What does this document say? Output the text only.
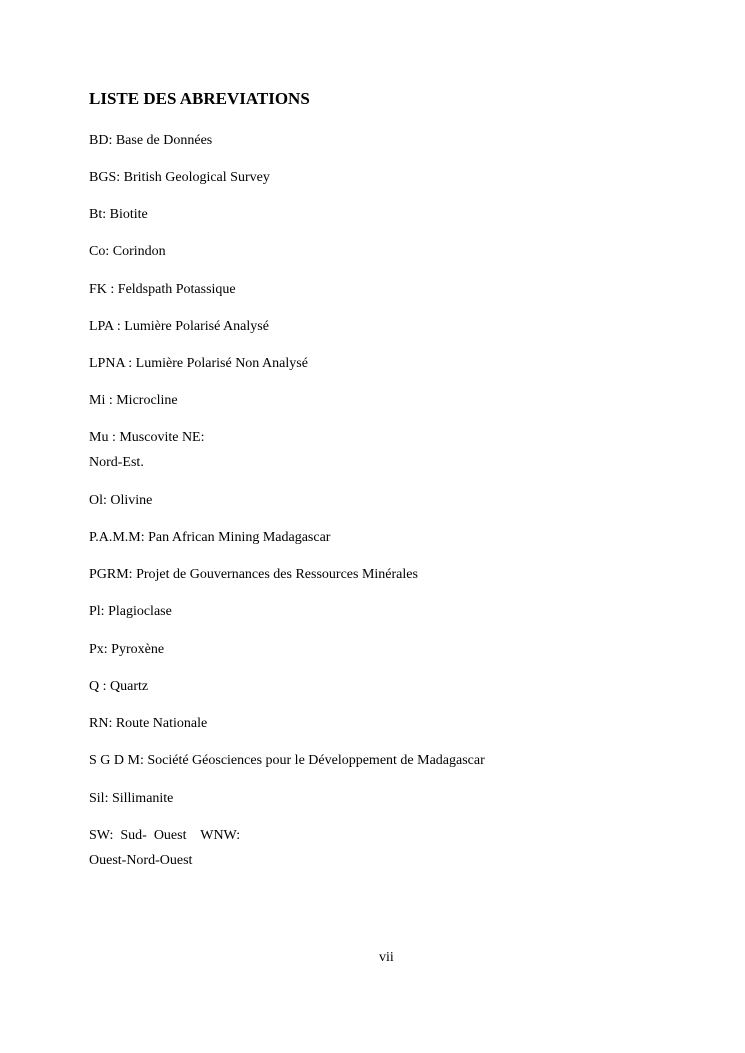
LISTE DES ABREVIATIONS
BD: Base de Données
BGS: British Geological Survey
Bt: Biotite
Co: Corindon
FK : Feldspath Potassique
LPA : Lumière Polarisé Analysé
LPNA : Lumière Polarisé Non Analysé
Mi : Microcline
Mu : Muscovite NE:
Nord-Est.
Ol: Olivine
P.A.M.M: Pan African Mining Madagascar
PGRM: Projet de Gouvernances des Ressources Minérales
Pl: Plagioclase
Px: Pyroxène
Q : Quartz
RN: Route Nationale
S G D M: Société Géosciences pour le Développement de Madagascar
Sil: Sillimanite
SW:  Sud-  Ouest    WNW:
Ouest-Nord-Ouest
vii
